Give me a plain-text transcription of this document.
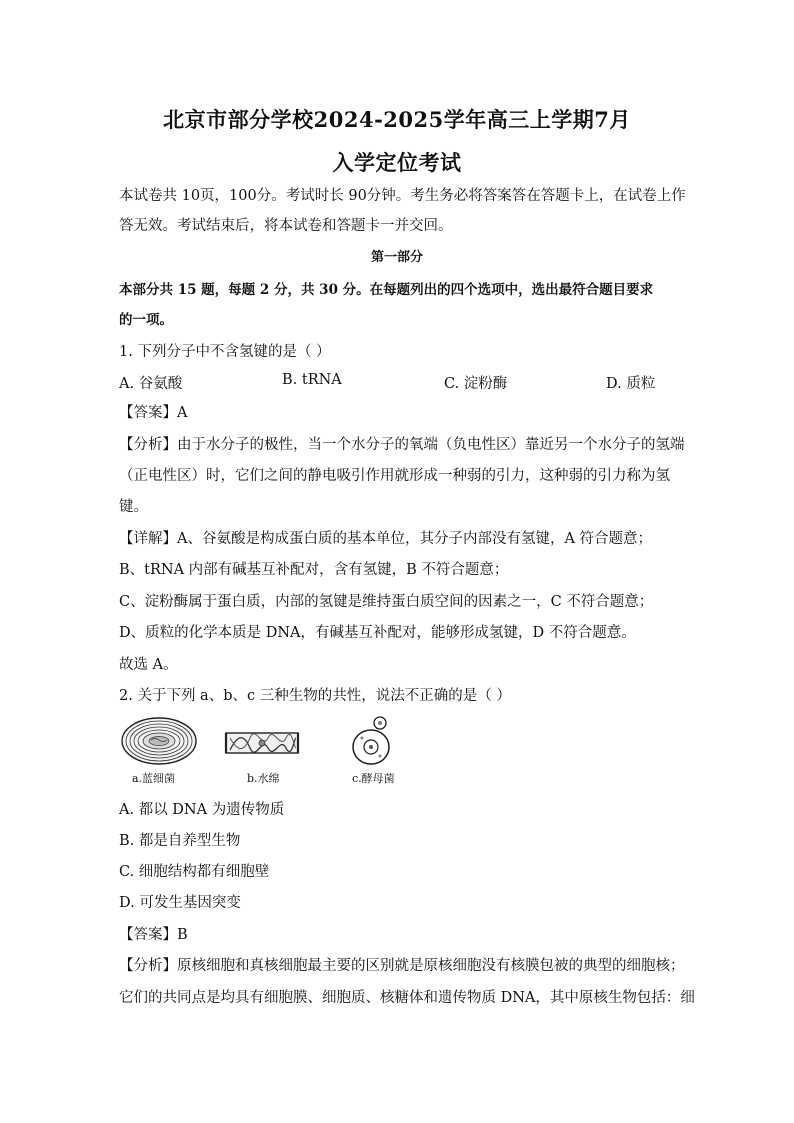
北京市部分学校2024-2025学年高三上学期7月
入学定位考试
本试卷共 10页，100分。考试时长 90分钟。考生务必将答案答在答题卡上，在试卷上作
答无效。考试结束后，将本试卷和答题卡一并交回。
第一部分
本部分共 15 题，每题 2 分，共 30 分。在每题列出的四个选项中，选出最符合题目要求
的一项。
1. 下列分子中不含氢键的是（ ）
A. 谷氨酸	B. tRNA	C. 淀粉酶	D. 质粒
【答案】A
【分析】由于水分子的极性，当一个水分子的氧端（负电性区）靠近另一个水分子的氢端
（正电性区）时，它们之间的静电吸引作用就形成一种弱的引力，这种弱的引力称为氢
键。
【详解】A、谷氨酸是构成蛋白质的基本单位，其分子内部没有氢键，A 符合题意；
B、tRNA 内部有碱基互补配对，含有氢键，B 不符合题意；
C、淀粉酶属于蛋白质，内部的氢键是维持蛋白质空间的因素之一，C 不符合题意；
D、质粒的化学本质是 DNA，有碱基互补配对，能够形成氢键，D 不符合题意。
故选 A。
2. 关于下列 a、b、c 三种生物的共性，说法不正确的是（ ）
a.蓝细菌	b.水绵	c.酵母菌
A. 都以 DNA 为遗传物质
B. 都是自养型生物
C. 细胞结构都有细胞壁
D. 可发生基因突变
【答案】B
【分析】原核细胞和真核细胞最主要的区别就是原核细胞没有核膜包被的典型的细胞核；
它们的共同点是均具有细胞膜、细胞质、核糖体和遗传物质 DNA，其中原核生物包括：细
